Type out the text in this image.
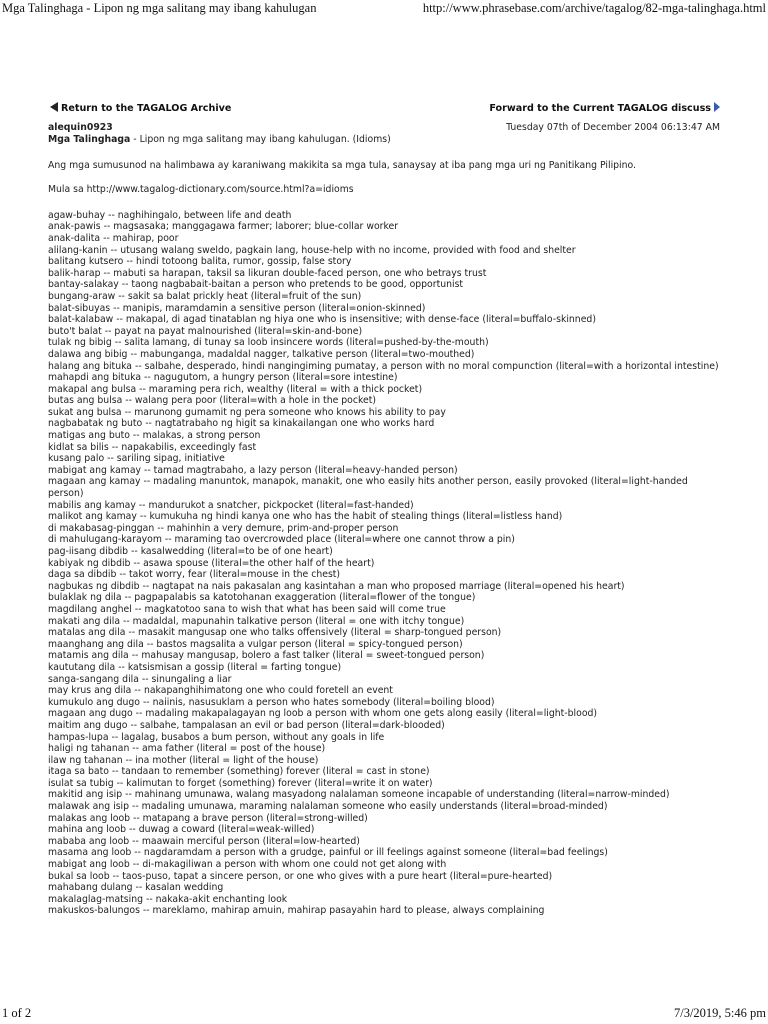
Mga Talinghaga - Lipon ng mga salitang may ibang kahulugan	http://www.phrasebase.com/archive/tagalog/82-mga-talinghaga.html
Return to the TAGALOG Archive	Forward to the Current TAGALOG discuss
alequin0923	Tuesday 07th of December 2004 06:13:47 AM
Mga Talinghaga - Lipon ng mga salitang may ibang kahulugan. (Idioms)
Ang mga sumusunod na halimbawa ay karaniwang makikita sa mga tula, sanaysay at iba pang mga uri ng Panitikang Pilipino.
Mula sa http://www.tagalog-dictionary.com/source.html?a=idioms
agaw-buhay -- naghihingalo, between life and death
anak-pawis -- magsasaka; manggagawa farmer; laborer; blue-collar worker
anak-dalita -- mahirap, poor
alilang-kanin -- utusang walang sweldo, pagkain lang, house-help with no income, provided with food and shelter
balitang kutsero -- hindi totoong balita, rumor, gossip, false story
balik-harap -- mabuti sa harapan, taksil sa likuran double-faced person, one who betrays trust
bantay-salakay -- taong nagbabait-baitan a person who pretends to be good, opportunist
bungang-araw -- sakit sa balat prickly heat (literal=fruit of the sun)
balat-sibuyas -- manipis, maramdamin a sensitive person (literal=onion-skinned)
balat-kalabaw -- makapal, di agad tinatablan ng hiya one who is insensitive; with dense-face (literal=buffalo-skinned)
buto't balat -- payat na payat malnourished (literal=skin-and-bone)
tulak ng bibig -- salita lamang, di tunay sa loob insincere words (literal=pushed-by-the-mouth)
dalawa ang bibig -- mabunganga, madaldal nagger, talkative person (literal=two-mouthed)
halang ang bituka -- salbahe, desperado, hindi nangingiming pumatay, a person with no moral compunction (literal=with a horizontal intestine)
mahapdi ang bituka -- nagugutom, a hungry person (literal=sore intestine)
makapal ang bulsa -- maraming pera rich, wealthy (literal = with a thick pocket)
butas ang bulsa -- walang pera poor (literal=with a hole in the pocket)
sukat ang bulsa -- marunong gumamit ng pera someone who knows his ability to pay
nagbabatak ng buto -- nagtatrabaho ng higit sa kinakailangan one who works hard
matigas ang buto -- malakas, a strong person
kidlat sa bilis -- napakabilis, exceedingly fast
kusang palo -- sariling sipag, initiative
mabigat ang kamay -- tamad magtrabaho, a lazy person (literal=heavy-handed person)
magaan ang kamay -- madaling manuntok, manapok, manakit, one who easily hits another person, easily provoked (literal=light-handed person)
mabilis ang kamay -- mandurukot a snatcher, pickpocket (literal=fast-handed)
malikot ang kamay -- kumukuha ng hindi kanya one who has the habit of stealing things (literal=listless hand)
di makabasag-pinggan -- mahinhin a very demure, prim-and-proper person
di mahulugang-karayom -- maraming tao overcrowded place (literal=where one cannot throw a pin)
pag-iisang dibdib -- kasalwedding (literal=to be of one heart)
kabiyak ng dibdib -- asawa spouse (literal=the other half of the heart)
daga sa dibdib -- takot worry, fear (literal=mouse in the chest)
nagbukas ng dibdib -- nagtapat na nais pakasalan ang kasintahan a man who proposed marriage (literal=opened his heart)
bulaklak ng dila -- pagpapalabis sa katotohanan exaggeration (literal=flower of the tongue)
magdilang anghel -- magkatotoo sana to wish that what has been said will come true
makati ang dila -- madaldal, mapunahin talkative person (literal = one with itchy tongue)
matalas ang dila -- masakit mangusap one who talks offensively (literal = sharp-tongued person)
maanghang ang dila -- bastos magsalita a vulgar person (literal = spicy-tongued person)
matamis ang dila -- mahusay mangusap, bolero a fast talker (literal = sweet-tongued person)
kaututang dila -- katsismisan a gossip (literal = farting tongue)
sanga-sangang dila -- sinungaling a liar
may krus ang dila -- nakapanghihimatong one who could foretell an event
kumukulo ang dugo -- naiinis, nasusuklam a person who hates somebody (literal=boiling blood)
magaan ang dugo -- madaling makapalagayan ng loob a person with whom one gets along easily (literal=light-blood)
maitim ang dugo -- salbahe, tampalasan an evil or bad person (literal=dark-blooded)
hampas-lupa -- lagalag, busabos a bum person, without any goals in life
haligi ng tahanan -- ama father (literal = post of the house)
ilaw ng tahanan -- ina mother (literal = light of the house)
itaga sa bato -- tandaan to remember (something) forever (literal = cast in stone)
isulat sa tubig -- kalimutan to forget (something) forever (literal=write it on water)
makitid ang isip -- mahinang umunawa, walang masyadong nalalaman someone incapable of understanding (literal=narrow-minded)
malawak ang isip -- madaling umunawa, maraming nalalaman someone who easily understands (literal=broad-minded)
malakas ang loob -- matapang a brave person (literal=strong-willed)
mahina ang loob -- duwag a coward (literal=weak-willed)
mababa ang loob -- maawain merciful person (literal=low-hearted)
masama ang loob -- nagdaramdam a person with a grudge, painful or ill feelings against someone (literal=bad feelings)
mabigat ang loob -- di-makagiliwan a person with whom one could not get along with
bukal sa loob -- taos-puso, tapat a sincere person, or one who gives with a pure heart (literal=pure-hearted)
mahabang dulang -- kasalan wedding
makalaglag-matsing -- nakaka-akit enchanting look
makuskos-balungos -- mareklamo, mahirap amuin, mahirap pasayahin hard to please, always complaining
1 of 2	7/3/2019, 5:46 pm
